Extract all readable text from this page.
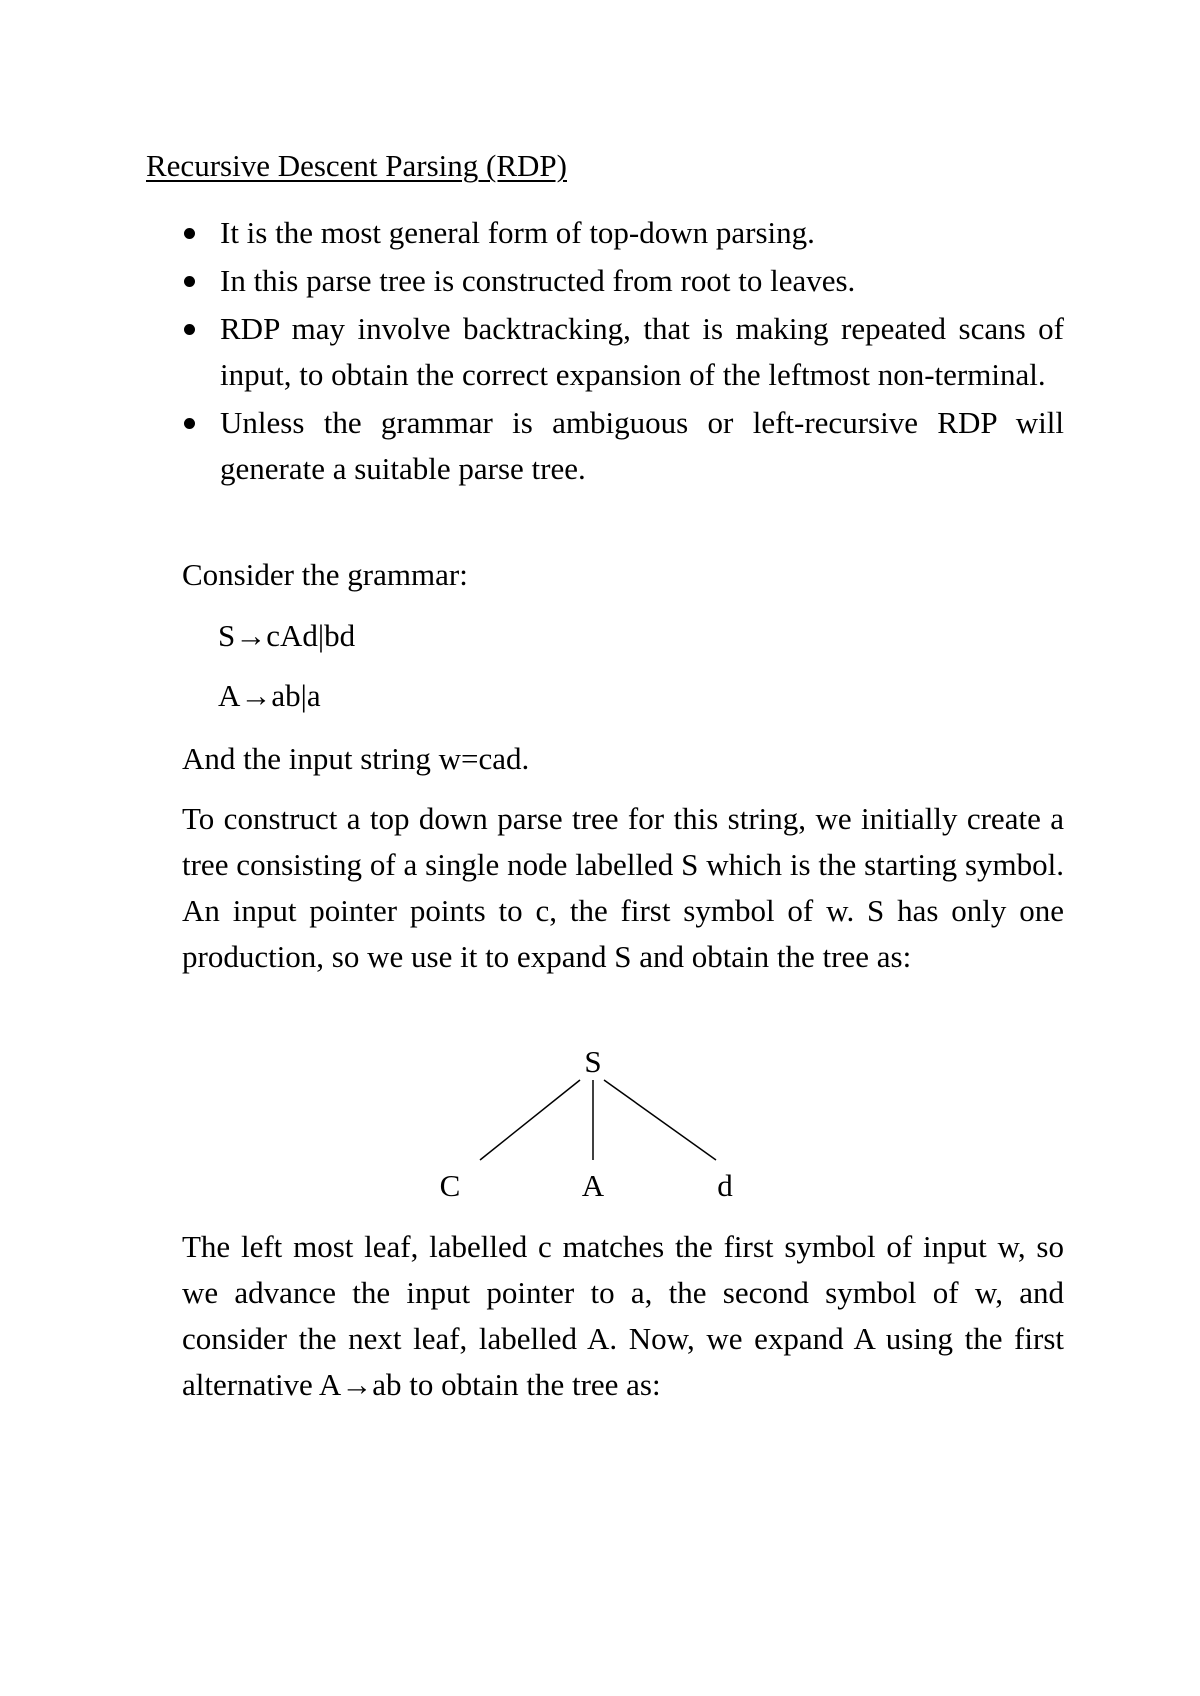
Recursive Descent Parsing (RDP)
It is the most general form of top-down parsing.
In this parse tree is constructed from root to leaves.
RDP may involve backtracking, that is making repeated scans of input, to obtain the correct expansion of the leftmost non-terminal.
Unless the grammar is ambiguous or left-recursive RDP will generate a suitable parse tree.

Consider the grammar:

S→cAd|bd

A→ab|a

And the input string w=cad.

To construct a top down parse tree for this string, we initially create a tree consisting of a single node labelled S which is the starting symbol. An input pointer points to c, the first symbol of w. S has only one production, so we use it to expand S and obtain the tree as:

S
C	A	d

The left most leaf, labelled c matches the first symbol of input w, so we advance the input pointer to a, the second symbol of w, and consider the next leaf, labelled A. Now, we expand A using the first alternative A→ab to obtain the tree as:
